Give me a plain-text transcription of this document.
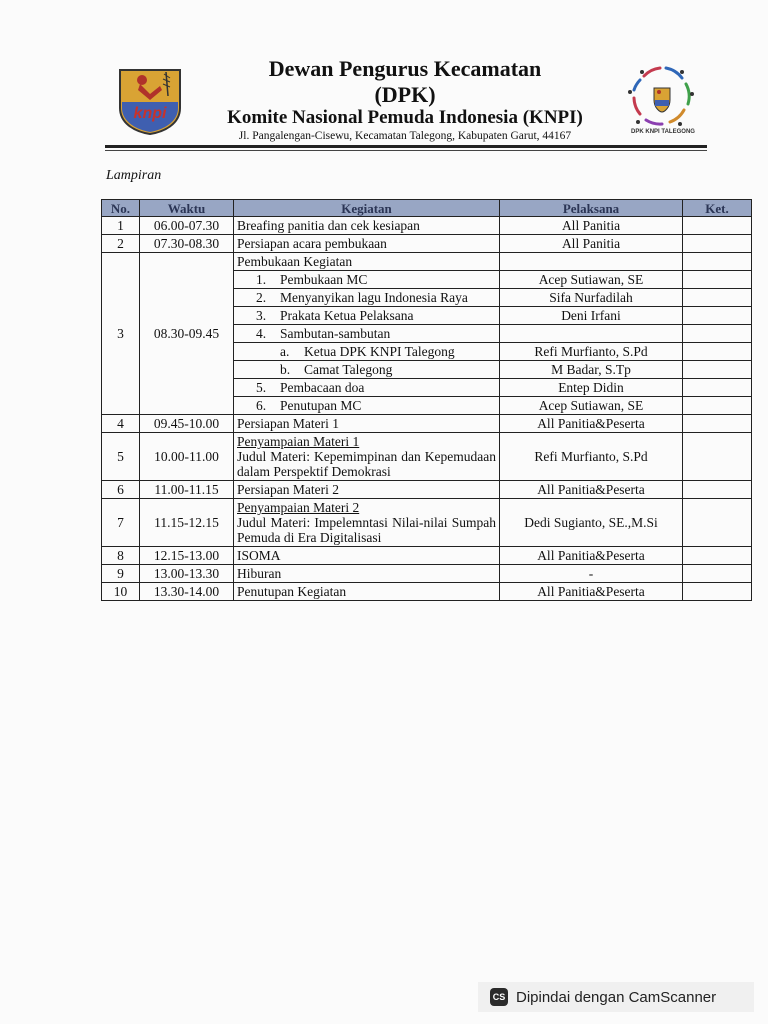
knpi
Dewan Pengurus Kecamatan
(DPK)
Komite Nasional Pemuda Indonesia (KNPI)
Jl. Pangalengan-Cisewu, Kecamatan Talegong, Kabupaten Garut, 44167	DPK KNPI TALEGONG
Lampiran
No.	Waktu	Kegiatan	Pelaksana	Ket.
1	06.00-07.30	Breafing panitia dan cek kesiapan	All Panitia	
2	07.30-08.30	Persiapan acara pembukaan	All Panitia	
3	08.30-09.45	Pembukaan Kegiatan		

		1. Pembukaan MC	Acep Sutiawan, SE	

		2. Menyanyikan lagu Indonesia Raya	Sifa Nurfadilah	

		3. Prakata Ketua Pelaksana	Deni Irfani	

		4. Sambutan-sambutan		

		a. Ketua DPK KNPI Talegong	Refi Murfianto, S.Pd	

		b. Camat Talegong	M Badar, S.Tp	

		5. Pembacaan doa	Entep Didin	

		6. Penutupan MC	Acep Sutiawan, SE	
4	09.45-10.00	Persiapan Materi 1	All Panitia&Peserta	
5	10.00-11.00	Penyampaian Materi 1
Judul Materi: Kepemimpinan dan Kepemudaan dalam Perspektif Demokrasi	Refi Murfianto, S.Pd	
6	11.00-11.15	Persiapan Materi 2	All Panitia&Peserta	
7	11.15-12.15	Penyampaian Materi 2
Judul Materi: Impelemntasi Nilai-nilai Sumpah Pemuda di Era Digitalisasi	Dedi Sugianto, SE.,M.Si	
8	12.15-13.00	ISOMA	All Panitia&Peserta	
9	13.00-13.30	Hiburan	-	
10	13.30-14.00	Penutupan Kegiatan	All Panitia&Peserta	
CS Dipindai dengan CamScanner
